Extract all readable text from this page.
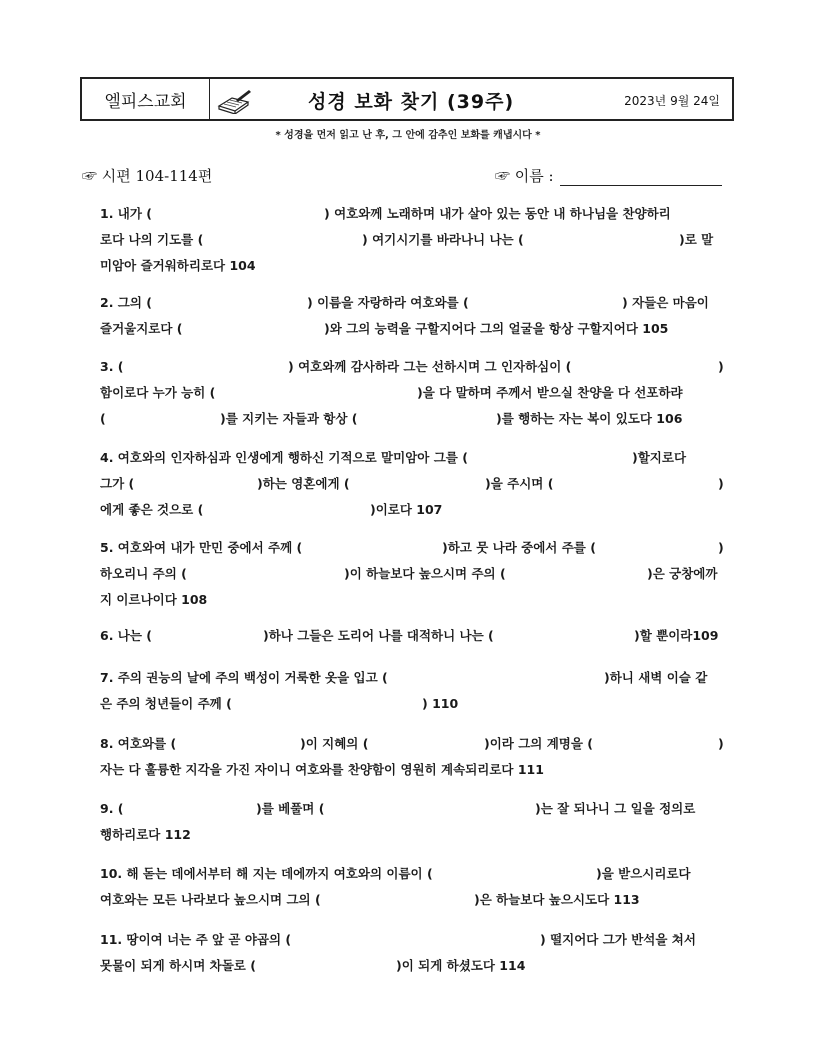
엘피스교회	성경 보화 찾기 (39주)	2023년 9월 24일
* 성경을 먼저 읽고 난 후, 그 안에 감추인 보화를 캐냅시다 *
☞ 시편 104-114편	☞ 이름 :
1. 내가 (	) 여호와께 노래하며 내가 살아 있는 동안 내 하나님을 찬양하리
로다 나의 기도를 (	) 여기시기를 바라나니 나는 (	)로 말
미암아 즐거워하리로다 104
2. 그의 (	) 이름을 자랑하라 여호와를 (	) 자들은 마음이
즐거울지로다 (	)와 그의 능력을 구할지어다 그의 얼굴을 항상 구할지어다 105
3. (	) 여호와께 감사하라 그는 선하시며 그 인자하심이 (	)
함이로다 누가 능히 (	)을 다 말하며 주께서 받으실 찬양을 다 선포하랴
(	)를 지키는 자들과 항상 (	)를 행하는 자는 복이 있도다 106
4. 여호와의 인자하심과 인생에게 행하신 기적으로 말미암아 그를 (	)할지로다
그가 (	)하는 영혼에게 (	)을 주시며 (	)
에게 좋은 것으로 (	)이로다 107
5. 여호와여 내가 만민 중에서 주께 (	)하고 뭇 나라 중에서 주를 (	)
하오리니 주의 (	)이 하늘보다 높으시며 주의 (	)은 궁창에까
지 이르나이다 108
6. 나는 (	)하나 그들은 도리어 나를 대적하니 나는 (	)할 뿐이라109
7. 주의 권능의 날에 주의 백성이 거룩한 옷을 입고 (	)하니 새벽 이슬 같
은 주의 청년들이 주께 (	) 110
8. 여호와를 (	)이 지혜의 (	)이라 그의 계명을 (	)
자는 다 훌륭한 지각을 가진 자이니 여호와를 찬양함이 영원히 계속되리로다 111
9. (	)를 베풀며 (	)는 잘 되나니 그 일을 정의로
행하리로다 112
10. 해 돋는 데에서부터 해 지는 데에까지 여호와의 이름이 (	)을 받으시리로다
여호와는 모든 나라보다 높으시며 그의 (	)은 하늘보다 높으시도다 113
11. 땅이여 너는 주 앞 곧 야곱의 (	) 떨지어다 그가 반석을 쳐서
못물이 되게 하시며 차돌로 (	)이 되게 하셨도다 114
